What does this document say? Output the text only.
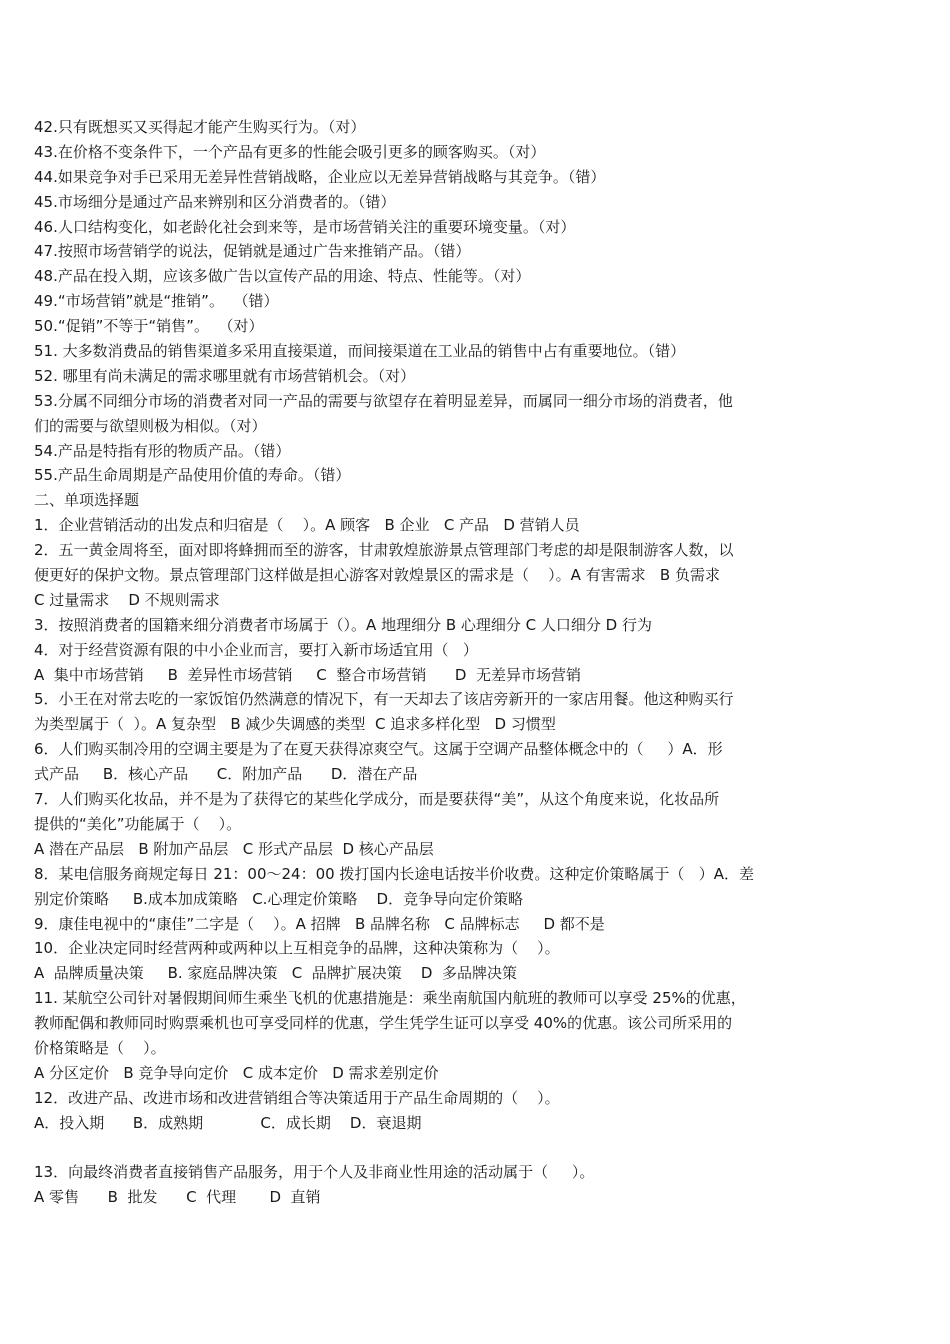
42.只有既想买又买得起才能产生购买行为。（对）
43.在价格不变条件下，一个产品有更多的性能会吸引更多的顾客购买。（对）
44.如果竞争对手已采用无差异性营销战略，企业应以无差异营销战略与其竞争。（错）
45.市场细分是通过产品来辨别和区分消费者的。（错）
46.人口结构变化，如老龄化社会到来等，是市场营销关注的重要环境变量。（对）
47.按照市场营销学的说法，促销就是通过广告来推销产品。（错）
48.产品在投入期，应该多做广告以宣传产品的用途、特点、性能等。（对）
49.“市场营销”就是“推销”。  （错）
50.“促销”不等于“销售”。  （对）
51. 大多数消费品的销售渠道多采用直接渠道，而间接渠道在工业品的销售中占有重要地位。（错）
52. 哪里有尚未满足的需求哪里就有市场营销机会。（对）
53.分属不同细分市场的消费者对同一产品的需要与欲望存在着明显差异，而属同一细分市场的消费者，他
们的需要与欲望则极为相似。（对）
54.产品是特指有形的物质产品。（错）
55.产品生命周期是产品使用价值的寿命。（错）
二、单项选择题
1．企业营销活动的出发点和归宿是（    ）。A 顾客   B 企业   C 产品   D 营销人员
2．五一黄金周将至，面对即将蜂拥而至的游客，甘肃敦煌旅游景点管理部门考虑的却是限制游客人数，以
便更好的保护文物。景点管理部门这样做是担心游客对敦煌景区的需求是（    ）。A 有害需求   B 负需求
C 过量需求    D 不规则需求
3．按照消费者的国籍来细分消费者市场属于（）。A 地理细分 B 心理细分 C 人口细分 D 行为
4．对于经营资源有限的中小企业而言，要打入新市场适宜用（   ）
A  集中市场营销     B  差异性市场营销     C  整合市场营销      D  无差异市场营销
5．小王在对常去吃的一家饭馆仍然满意的情况下，有一天却去了该店旁新开的一家店用餐。他这种购买行
为类型属于（  ）。A 复杂型   B 减少失调感的类型  C 追求多样化型   D 习惯型
6．人们购买制冷用的空调主要是为了在夏天获得凉爽空气。这属于空调产品整体概念中的（     ）A．形
式产品     B．核心产品      C．附加产品      D．潜在产品
7．人们购买化妆品，并不是为了获得它的某些化学成分，而是要获得“美”，从这个角度来说，化妆品所
提供的“美化”功能属于（    ）。
A 潜在产品层   B 附加产品层   C 形式产品层  D 核心产品层
8．某电信服务商规定每日 21：00～24：00 拨打国内长途电话按半价收费。这种定价策略属于（   ）A．差
别定价策略     B.成本加成策略   C.心理定价策略    D．竞争导向定价策略
9．康佳电视中的“康佳”二字是（    ）。A 招牌   B 品牌名称   C 品牌标志     D 都不是
10．企业决定同时经营两种或两种以上互相竞争的品牌，这种决策称为（    ）。
A  品牌质量决策     B. 家庭品牌决策   C  品牌扩展决策    D  多品牌决策
11. 某航空公司针对暑假期间师生乘坐飞机的优惠措施是：乘坐南航国内航班的教师可以享受 25%的优惠，
教师配偶和教师同时购票乘机也可享受同样的优惠，学生凭学生证可以享受 40%的优惠。该公司所采用的
价格策略是（    ）。
A 分区定价   B 竞争导向定价   C 成本定价   D 需求差别定价
12．改进产品、改进市场和改进营销组合等决策适用于产品生命周期的（    ）。
A．投入期      B．成熟期            C．成长期    D．衰退期
13．向最终消费者直接销售产品服务，用于个人及非商业性用途的活动属于（     ）。
A 零售      B  批发      C  代理       D  直销
